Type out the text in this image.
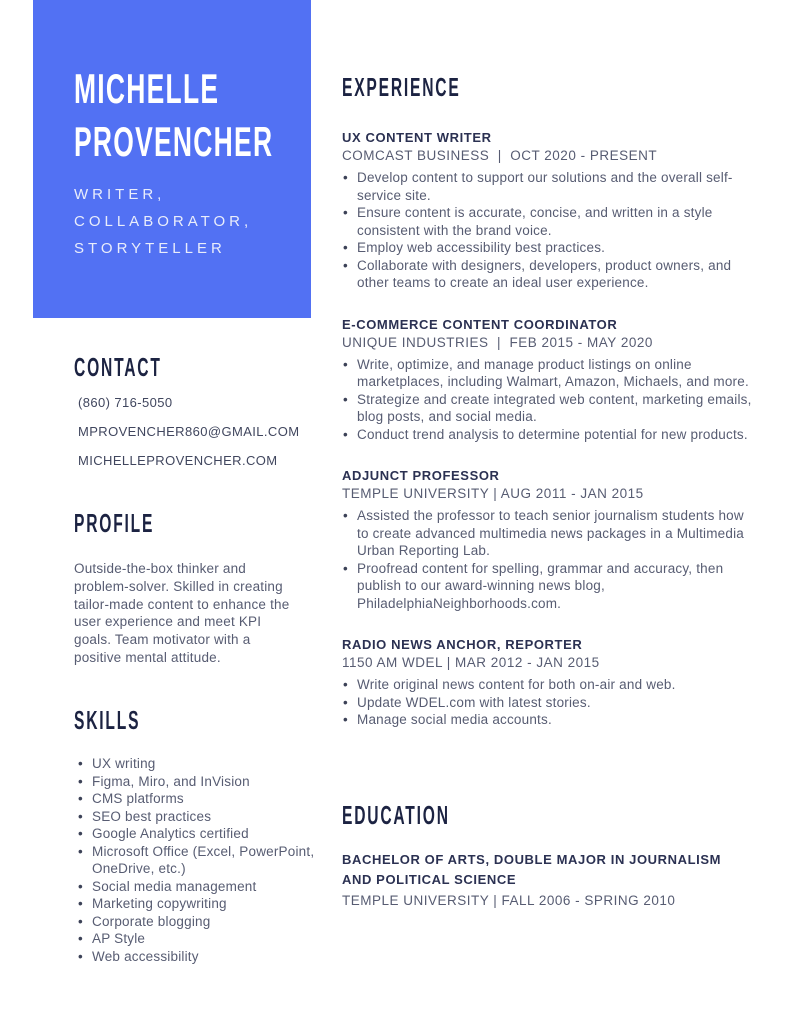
MICHELLE
PROVENCHER
WRITER,
COLLABORATOR,
STORYTELLER
CONTACT
(860) 716-5050
MPROVENCHER860@GMAIL.COM
MICHELLEPROVENCHER.COM
PROFILE

Outside-the-box thinker and problem-solver. Skilled in creating tailor-made content to enhance the user experience and meet KPI goals. Team motivator with a positive mental attitude.

SKILLS
• UX writing
• Figma, Miro, and InVision
• CMS platforms
• SEO best practices
• Google Analytics certified
• Microsoft Office (Excel, PowerPoint, OneDrive, etc.)
• Social media management
• Marketing copywriting
• Corporate blogging
• AP Style
• Web accessibility
EXPERIENCE
UX CONTENT WRITER
COMCAST BUSINESS  |  OCT 2020 - PRESENT
• Develop content to support our solutions and the overall self-service site.
• Ensure content is accurate, concise, and written in a style consistent with the brand voice.
• Employ web accessibility best practices.
• Collaborate with designers, developers, product owners, and other teams to create an ideal user experience.
E-COMMERCE CONTENT COORDINATOR
UNIQUE INDUSTRIES  |  FEB 2015 - MAY 2020
• Write, optimize, and manage product listings on online marketplaces, including Walmart, Amazon, Michaels, and more.
• Strategize and create integrated web content, marketing emails, blog posts, and social media.
• Conduct trend analysis to determine potential for new products.
ADJUNCT PROFESSOR
TEMPLE UNIVERSITY | AUG 2011 - JAN 2015
• Assisted the professor to teach senior journalism students how to create advanced multimedia news packages in a Multimedia Urban Reporting Lab.
• Proofread content for spelling, grammar and accuracy, then publish to our award-winning news blog, PhiladelphiaNeighborhoods.com.
RADIO NEWS ANCHOR, REPORTER
1150 AM WDEL | MAR 2012 - JAN 2015
• Write original news content for both on-air and web.
• Update WDEL.com with latest stories.
• Manage social media accounts.
EDUCATION
BACHELOR OF ARTS, DOUBLE MAJOR IN JOURNALISM AND POLITICAL SCIENCE
TEMPLE UNIVERSITY | FALL 2006 - SPRING 2010
